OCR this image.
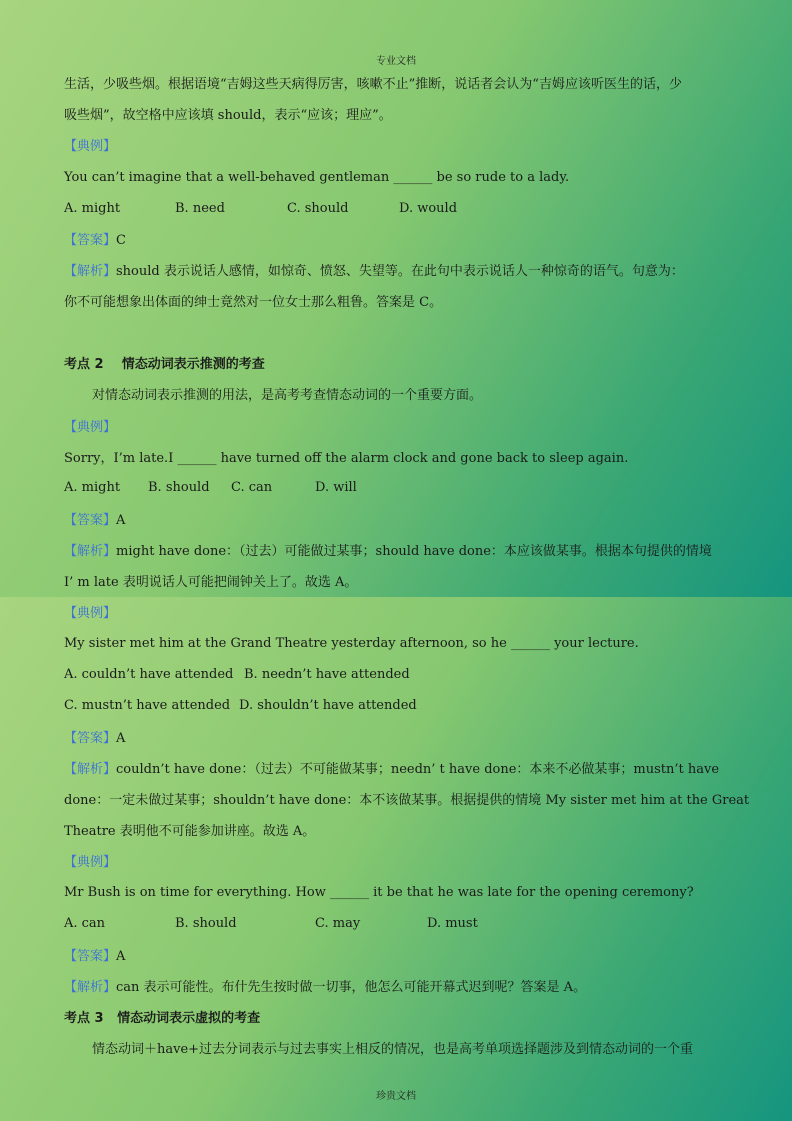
专业文档
生活，少吸些烟。根据语境“吉姆这些天病得厉害，咳嗽不止”推断，说话者会认为“吉姆应该听医生的话，少
吸些烟”，故空格中应该填 should，表示“应该；理应”。
【典例】
You can’t imagine that a well-behaved gentleman ______ be so rude to a lady.
A. might	B. need	C. should	D. would
【答案】C
【解析】should 表示说话人感情，如惊奇、愤怒、失望等。在此句中表示说话人一种惊奇的语气。句意为：
你不可能想象出体面的绅士竟然对一位女士那么粗鲁。答案是 C。
考点 2 情态动词表示推测的考查
对情态动词表示推测的用法，是高考考查情态动词的一个重要方面。
【典例】
Sorry，I’m late.I ______ have turned off the alarm clock and gone back to sleep again.
A. might B. should C. can	D. will
【答案】A
【解析】might have done：（过去）可能做过某事；should have done：本应该做某事。根据本句提供的情境
I’ m late 表明说话人可能把闹钟关上了。故选 A。
【典例】
My sister met him at the Grand Theatre yesterday afternoon, so he ______ your lecture.
A. couldn’t have attended B. needn’t have attended
C. mustn’t have attended D. shouldn’t have attended
【答案】A
【解析】couldn’t have done：（过去）不可能做某事；needn’ t have done：本来不必做某事；mustn’t have
done：一定未做过某事；shouldn’t have done：本不该做某事。根据提供的情境 My sister met him at the Great
Theatre 表明他不可能参加讲座。故选 A。
【典例】
Mr Bush is on time for everything. How ______ it be that he was late for the opening ceremony?
A. can	B. should	C. may	D. must
【答案】A
【解析】can 表示可能性。布什先生按时做一切事，他怎么可能开幕式迟到呢？答案是 A。
考点 3 情态动词表示虚拟的考查
情态动词＋have+过去分词表示与过去事实上相反的情况，也是高考单项选择题涉及到情态动词的一个重
珍贵文档
